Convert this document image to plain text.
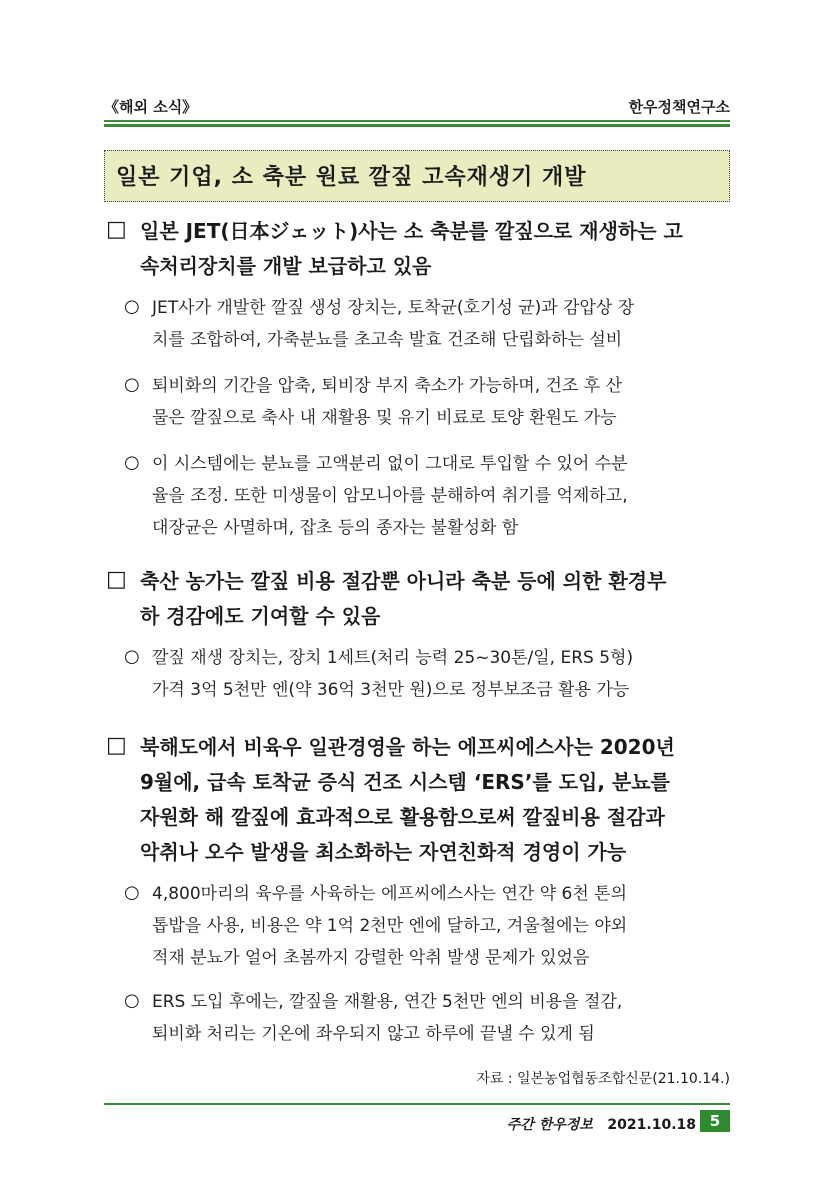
《해외 소식》	한우정책연구소
일본 기업, 소 축분 원료 깔짚 고속재생기 개발
□ 일본 JET(日本ジェット)사는 소 축분를 깔짚으로 재생하는 고
속처리장치를 개발 보급하고 있음
○ JET사가 개발한 깔짚 생성 장치는, 토착균(호기성 균)과 감압상 장
치를 조합하여, 가축분뇨를 초고속 발효 건조해 단립화하는 설비
○ 퇴비화의 기간을 압축, 퇴비장 부지 축소가 가능하며, 건조 후 산
물은 깔짚으로 축사 내 재활용 및 유기 비료로 토양 환원도 가능
○ 이 시스템에는 분뇨를 고액분리 없이 그대로 투입할 수 있어 수분
율을 조정. 또한 미생물이 암모니아를 분해하여 취기를 억제하고,
대장균은 사멸하며, 잡초 등의 종자는 불활성화 함
□ 축산 농가는 깔짚 비용 절감뿐 아니라 축분 등에 의한 환경부
하 경감에도 기여할 수 있음
○ 깔짚 재생 장치는, 장치 1세트(처리 능력 25~30톤/일, ERS 5형)
가격 3억 5천만 엔(약 36억 3천만 원)으로 정부보조금 활용 가능
□ 북해도에서 비육우 일관경영을 하는 에프씨에스사는 2020년
9월에, 급속 토착균 증식 건조 시스템 ‘ERS’를 도입, 분뇨를
자원화 해 깔짚에 효과적으로 활용함으로써 깔짚비용 절감과
악취나 오수 발생을 최소화하는 자연친화적 경영이 가능
○ 4,800마리의 육우를 사육하는 에프씨에스사는 연간 약 6천 톤의
톱밥을 사용, 비용은 약 1억 2천만 엔에 달하고, 겨울철에는 야외
적재 분뇨가 얼어 초봄까지 강렬한 악취 발생 문제가 있었음
○ ERS 도입 후에는, 깔짚을 재활용, 연간 5천만 엔의 비용을 절감,
퇴비화 처리는 기온에 좌우되지 않고 하루에 끝낼 수 있게 됨
자료 : 일본농업협동조합신문(21.10.14.)
주간 한우정보 2021.10.18 5
